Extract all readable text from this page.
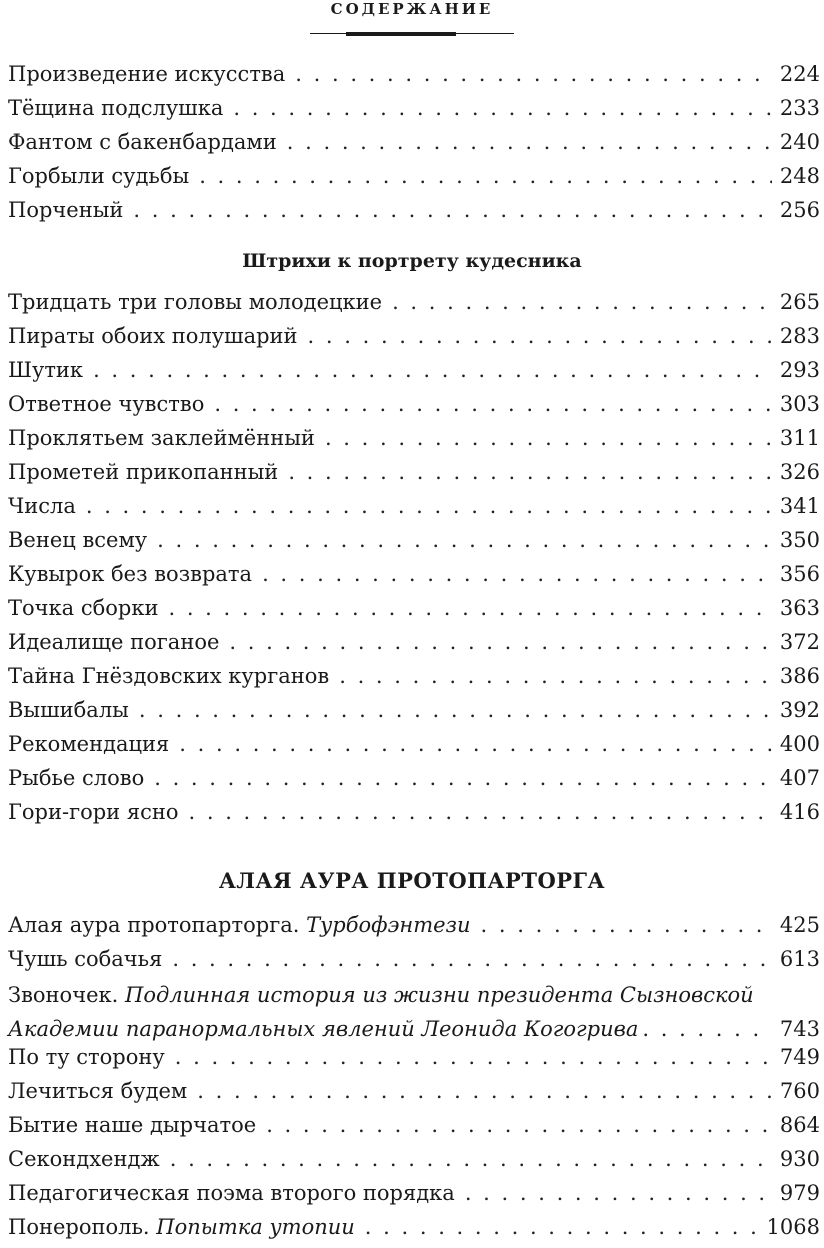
СОДЕРЖАНИЕ
Произведение искусства . . .	224
Тёщина подслушка . . .	233
Фантом с бакенбардами . . .	240
Горбыли судьбы . . .	248
Порченый . . .	256
Штрихи к портрету кудесника
Тридцать три головы молодецкие . . .	265
Пираты обоих полушарий . . .	283
Шутик . . .	293
Ответное чувство . . .	303
Проклятьем заклеймённый . . .	311
Прометей прикопанный . . .	326
Числа . . .	341
Венец всему . . .	350
Кувырок без возврата . . .	356
Точка сборки . . .	363
Идеалище поганое . . .	372
Тайна Гнёздовских курганов . . .	386
Вышибалы . . .	392
Рекомендация . . .	400
Рыбье слово . . .	407
Гори-гори ясно . . .	416
АЛАЯ АУРА ПРОТОПАРТОРГА
Алая аура протопарторга. Турбофэнтези . . .	425
Чушь собачья . . .	613
Звоночек. Подлинная история из жизни президента Сызновской
Академии паранормальных явлений Леонида Когогрива . . .	743
По ту сторону . . .	749
Лечиться будем . . .	760
Бытие наше дырчатое . . .	864
Секондхендж . . .	930
Педагогическая поэма второго порядка . . .	979
Понерополь. Попытка утопии . . .	1068
